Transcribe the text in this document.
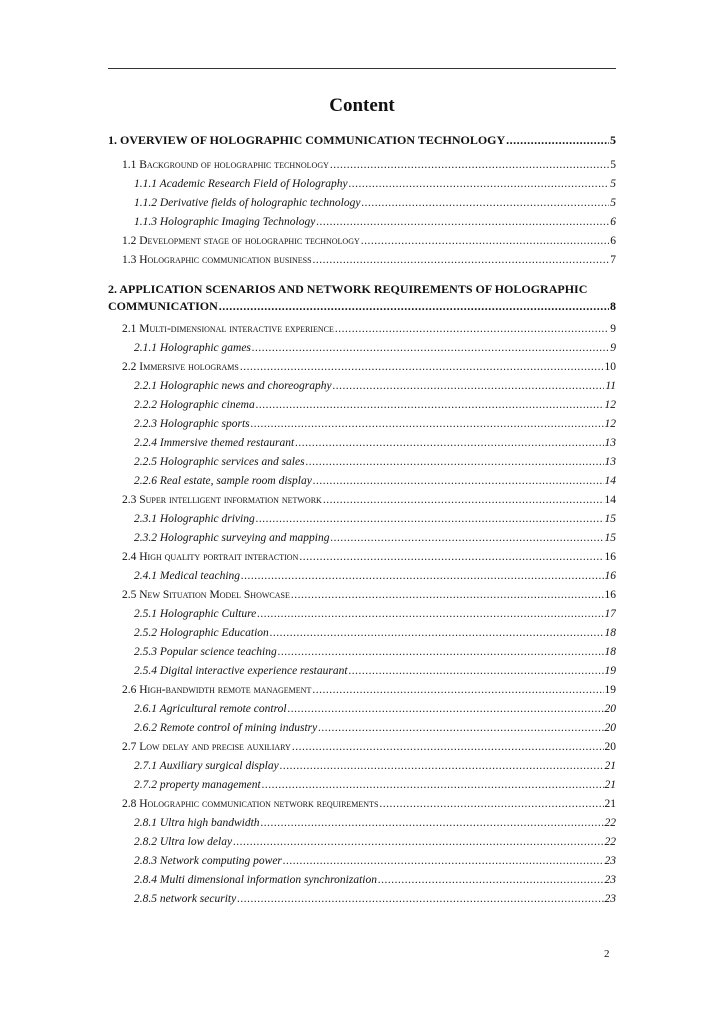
Content
1. OVERVIEW OF HOLOGRAPHIC COMMUNICATION TECHNOLOGY .....	5
1.1 Background of holographic technology .....	5
1.1.1 Academic Research Field of Holography .....	5
1.1.2 Derivative fields of holographic technology .....	5
1.1.3 Holographic Imaging Technology .....	6
1.2 Development stage of holographic technology .....	6
1.3 Holographic communication business .....	7
2. APPLICATION SCENARIOS AND NETWORK REQUIREMENTS OF HOLOGRAPHIC
COMMUNICATION .....	8
2.1 Multi-dimensional interactive experience .....	9
2.1.1 Holographic games .....	9
2.2 Immersive holograms .....	10
2.2.1 Holographic news and choreography .....	11
2.2.2 Holographic cinema .....	12
2.2.3 Holographic sports .....	12
2.2.4 Immersive themed restaurant .....	13
2.2.5 Holographic services and sales .....	13
2.2.6 Real estate, sample room display .....	14
2.3 Super intelligent information network .....	14
2.3.1 Holographic driving .....	15
2.3.2 Holographic surveying and mapping .....	15
2.4 High quality portrait interaction .....	16
2.4.1 Medical teaching .....	16
2.5 New Situation Model Showcase .....	16
2.5.1 Holographic Culture .....	17
2.5.2 Holographic Education .....	18
2.5.3 Popular science teaching .....	18
2.5.4 Digital interactive experience restaurant .....	19
2.6 High-bandwidth remote management .....	19
2.6.1 Agricultural remote control .....	20
2.6.2 Remote control of mining industry .....	20
2.7 Low delay and precise auxiliary .....	20
2.7.1 Auxiliary surgical display .....	21
2.7.2 property management .....	21
2.8 Holographic communication network requirements .....	21
2.8.1 Ultra high bandwidth .....	22
2.8.2 Ultra low delay .....	22
2.8.3 Network computing power .....	23
2.8.4 Multi dimensional information synchronization .....	23
2.8.5 network security .....	23
2
